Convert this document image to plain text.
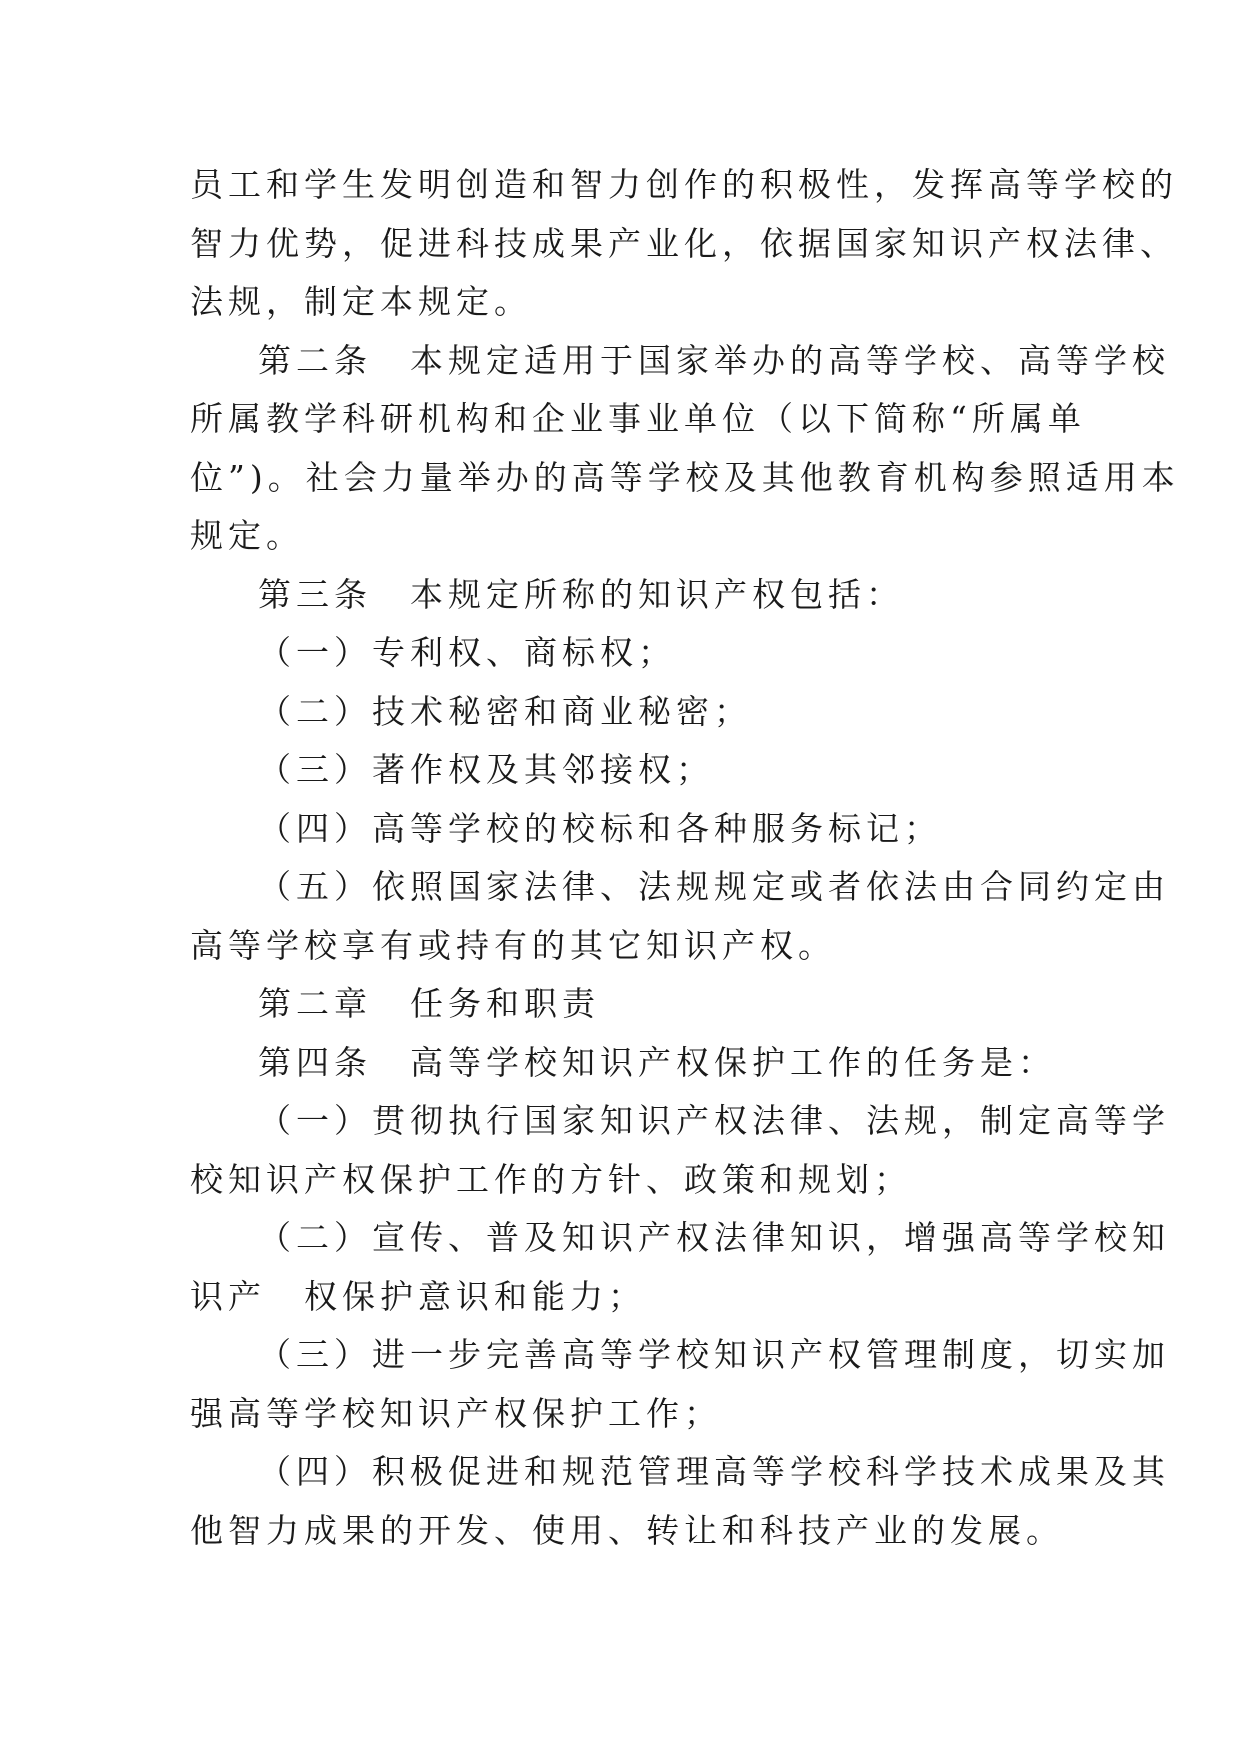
员工和学生发明创造和智力创作的积极性，发挥高等学校的
智力优势，促进科技成果产业化，依据国家知识产权法律、
法规，制定本规定。
第二条　本规定适用于国家举办的高等学校、高等学校
所属教学科研机构和企业事业单位（以下简称“所属单
位”)。社会力量举办的高等学校及其他教育机构参照适用本
规定。
第三条　本规定所称的知识产权包括：
（一）专利权、商标权；
（二）技术秘密和商业秘密；
（三）著作权及其邻接权；
（四）高等学校的校标和各种服务标记；
（五）依照国家法律、法规规定或者依法由合同约定由
高等学校享有或持有的其它知识产权。
第二章　任务和职责
第四条　高等学校知识产权保护工作的任务是：
（一）贯彻执行国家知识产权法律、法规，制定高等学
校知识产权保护工作的方针、政策和规划；
（二）宣传、普及知识产权法律知识，增强高等学校知
识产　权保护意识和能力；
（三）进一步完善高等学校知识产权管理制度，切实加
强高等学校知识产权保护工作；
（四）积极促进和规范管理高等学校科学技术成果及其
他智力成果的开发、使用、转让和科技产业的发展。
